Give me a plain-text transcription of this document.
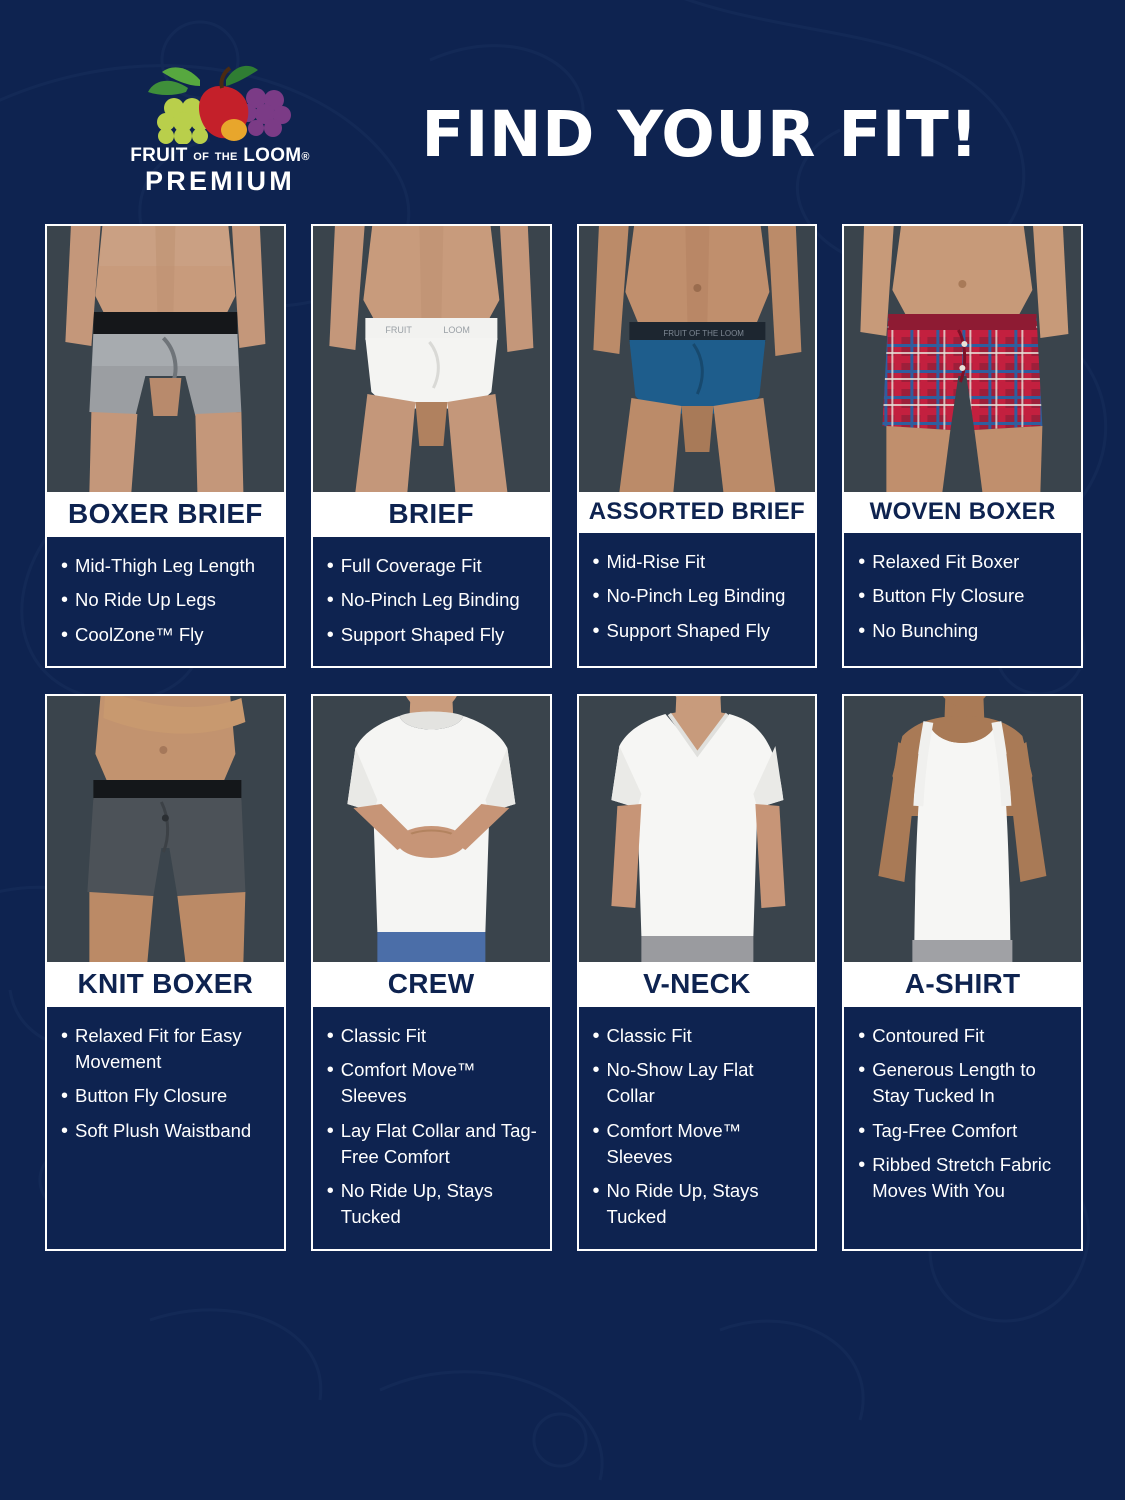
FRUIT OF THE LOOM®
PREMIUM
FIND YOUR FIT!
BOXER BRIEF
• Mid-Thigh Leg Length
• No Ride Up Legs
• CoolZone™ Fly
FRUIT	LOOM
BRIEF
• Full Coverage Fit
• No-Pinch Leg Binding
• Support Shaped Fly
FRUIT OF THE LOOM
ASSORTED BRIEF
• Mid-Rise Fit
• No-Pinch Leg Binding
• Support Shaped Fly
WOVEN BOXER
• Relaxed Fit Boxer
• Button Fly Closure
• No Bunching
KNIT BOXER
• Relaxed Fit for Easy Movement
• Button Fly Closure
• Soft Plush Waistband
CREW
• Classic Fit
• Comfort Move™ Sleeves
• Lay Flat Collar and Tag-Free Comfort
• No Ride Up, Stays Tucked
V-NECK
• Classic Fit
• No-Show Lay Flat Collar
• Comfort Move™ Sleeves
• No Ride Up, Stays Tucked
A-SHIRT
• Contoured Fit
• Generous Length to Stay Tucked In
• Tag-Free Comfort
• Ribbed Stretch Fabric Moves With You
